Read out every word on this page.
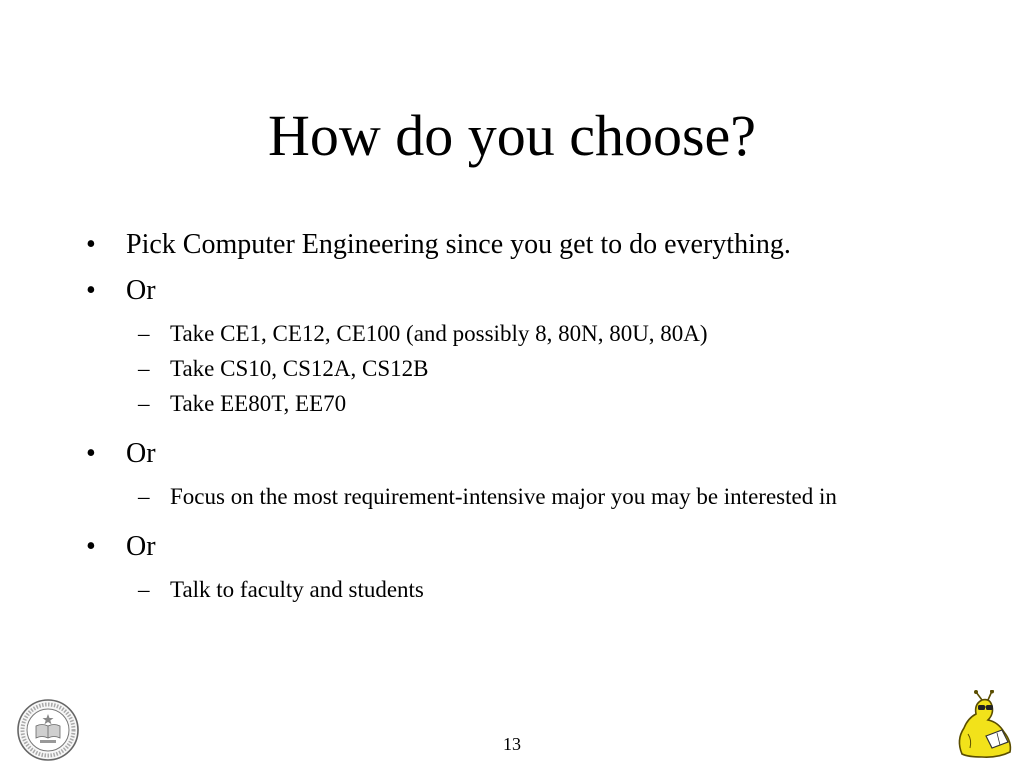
How do you choose?
• Pick Computer Engineering since you get to do everything.
• Or
– Take CE1, CE12, CE100 (and possibly 8, 80N, 80U, 80A)
– Take CS10, CS12A, CS12B
– Take EE80T, EE70
• Or
– Focus on the most requirement-intensive major you may be interested in
• Or
– Talk to faculty and students
13
